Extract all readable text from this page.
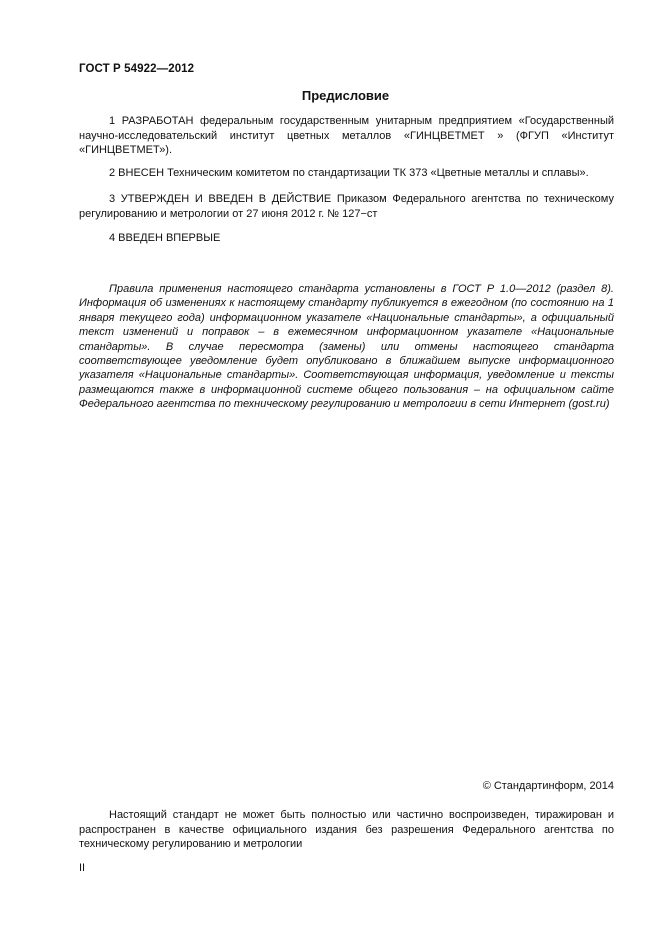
ГОСТ Р 54922—2012
Предисловие
1 РАЗРАБОТАН федеральным государственным унитарным предприятием «Государственный научно-исследовательский институт цветных металлов «ГИНЦВЕТМЕТ » (ФГУП «Институт «ГИНЦВЕТМЕТ»).
2 ВНЕСЕН Техническим комитетом по стандартизации ТК 373 «Цветные металлы и сплавы».
3 УТВЕРЖДЕН И ВВЕДЕН В ДЕЙСТВИЕ Приказом Федерального агентства по техническому регулированию и метрологии от 27 июня 2012 г. № 127−ст
4 ВВЕДЕН ВПЕРВЫЕ
Правила применения настоящего стандарта установлены в ГОСТ Р 1.0—2012 (раздел 8). Информация об изменениях к настоящему стандарту публикуется в ежегодном (по состоянию на 1 января текущего года) информационном указателе «Национальные стандарты», а официальный текст изменений и поправок – в ежемесячном информационном указателе «Национальные стандарты». В случае пересмотра (замены) или отмены настоящего стандарта соответствующее уведомление будет опубликовано в ближайшем выпуске информационного указателя «Национальные стандарты». Соответствующая информация, уведомление и тексты размещаются также в информационной системе общего пользования – на официальном сайте Федерального агентства по техническому регулированию и метрологии в сети Интернет (gost.ru)
© Стандартинформ, 2014
Настоящий стандарт не может быть полностью или частично воспроизведен, тиражирован и распространен в качестве официального издания без разрешения Федерального агентства по техническому регулированию и метрологии
II
